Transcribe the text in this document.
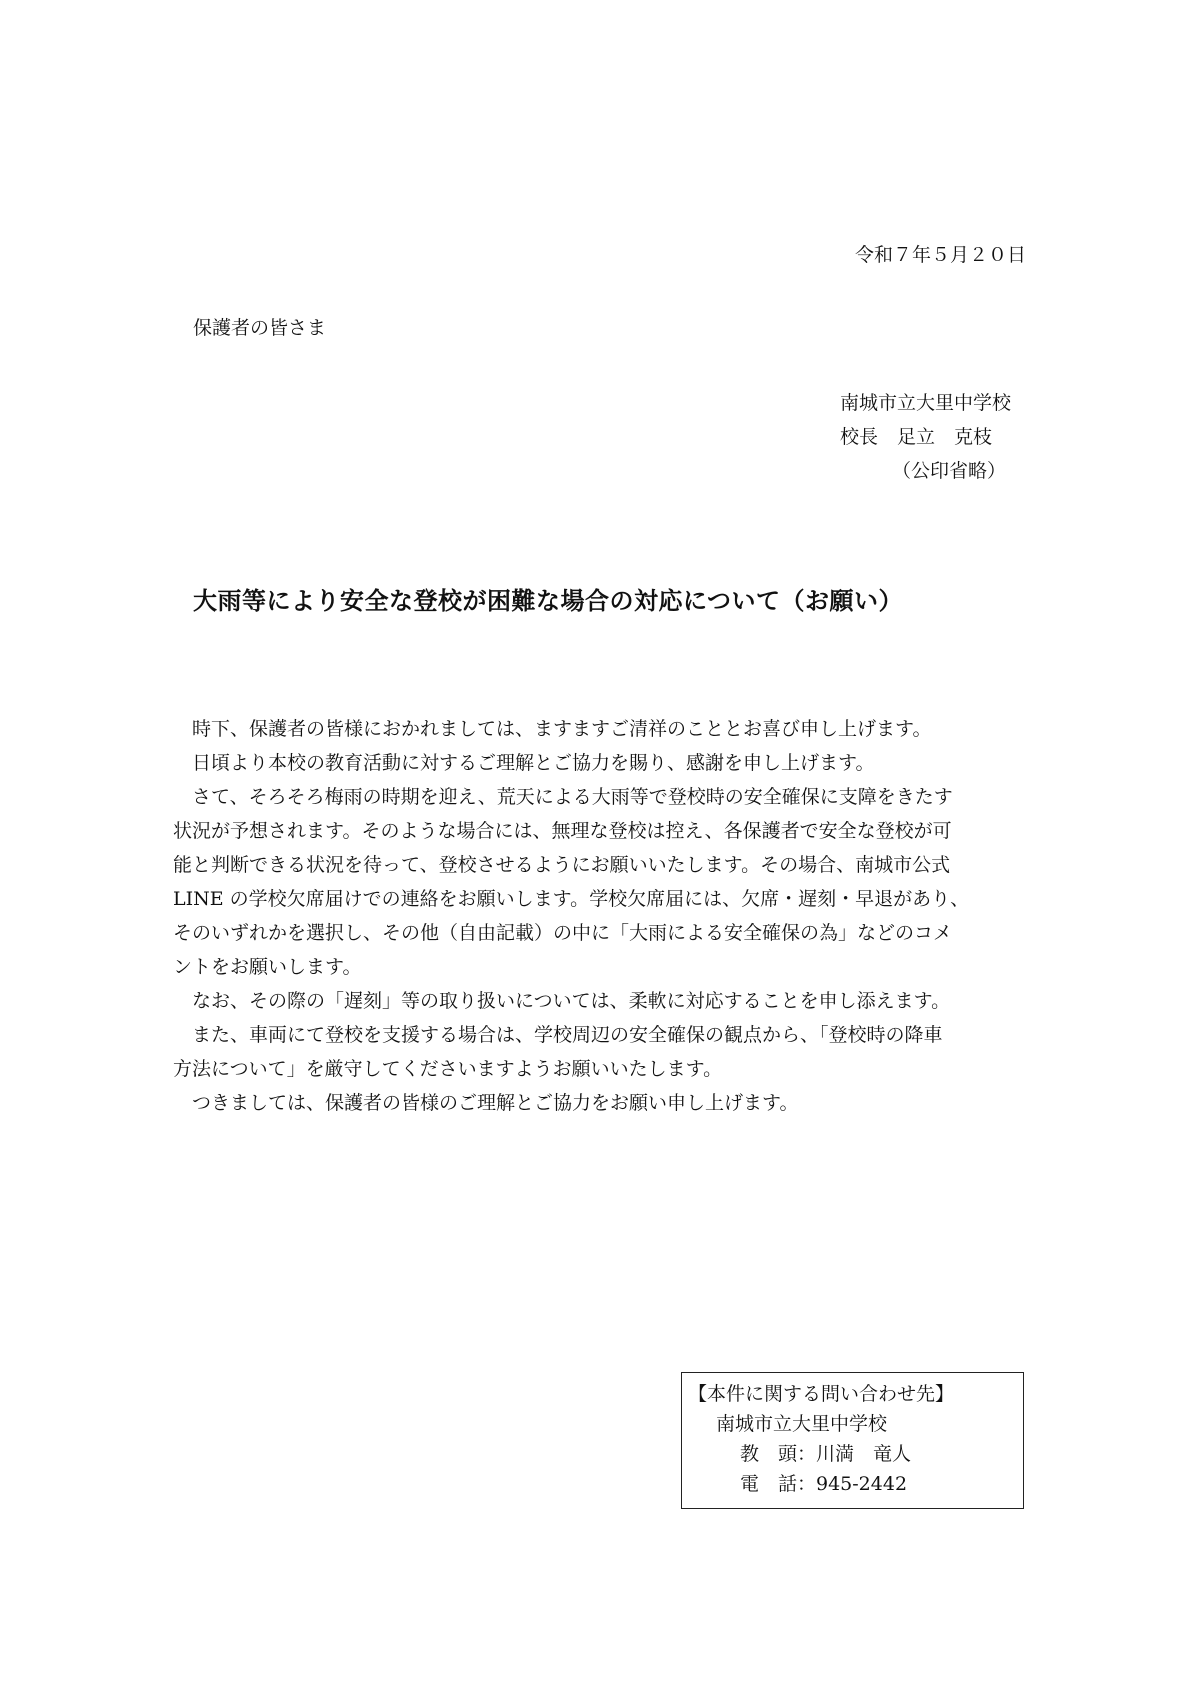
令和７年５月２０日
保護者の皆さま
南城市立大里中学校
校長　足立　克枝
（公印省略）
大雨等により安全な登校が困難な場合の対応について（お願い）

時下、保護者の皆様におかれましては、ますますご清祥のこととお喜び申し上げます。

日頃より本校の教育活動に対するご理解とご協力を賜り、感謝を申し上げます。

さて、そろそろ梅雨の時期を迎え、荒天による大雨等で登校時の安全確保に支障をきたす

状況が予想されます。そのような場合には、無理な登校は控え、各保護者で安全な登校が可

能と判断できる状況を待って、登校させるようにお願いいたします。その場合、南城市公式

LINE の学校欠席届けでの連絡をお願いします。学校欠席届には、欠席・遅刻・早退があり、

そのいずれかを選択し、その他（自由記載）の中に「大雨による安全確保の為」などのコメ

ントをお願いします。

なお、その際の「遅刻」等の取り扱いについては、柔軟に対応することを申し添えます。

また、車両にて登校を支援する場合は、学校周辺の安全確保の観点から、「登校時の降車

方法について」を厳守してくださいますようお願いいたします。

つきましては、保護者の皆様のご理解とご協力をお願い申し上げます。

【本件に関する問い合わせ先】
南城市立大里中学校
教　頭：川満　竜人
電　話：945-2442
